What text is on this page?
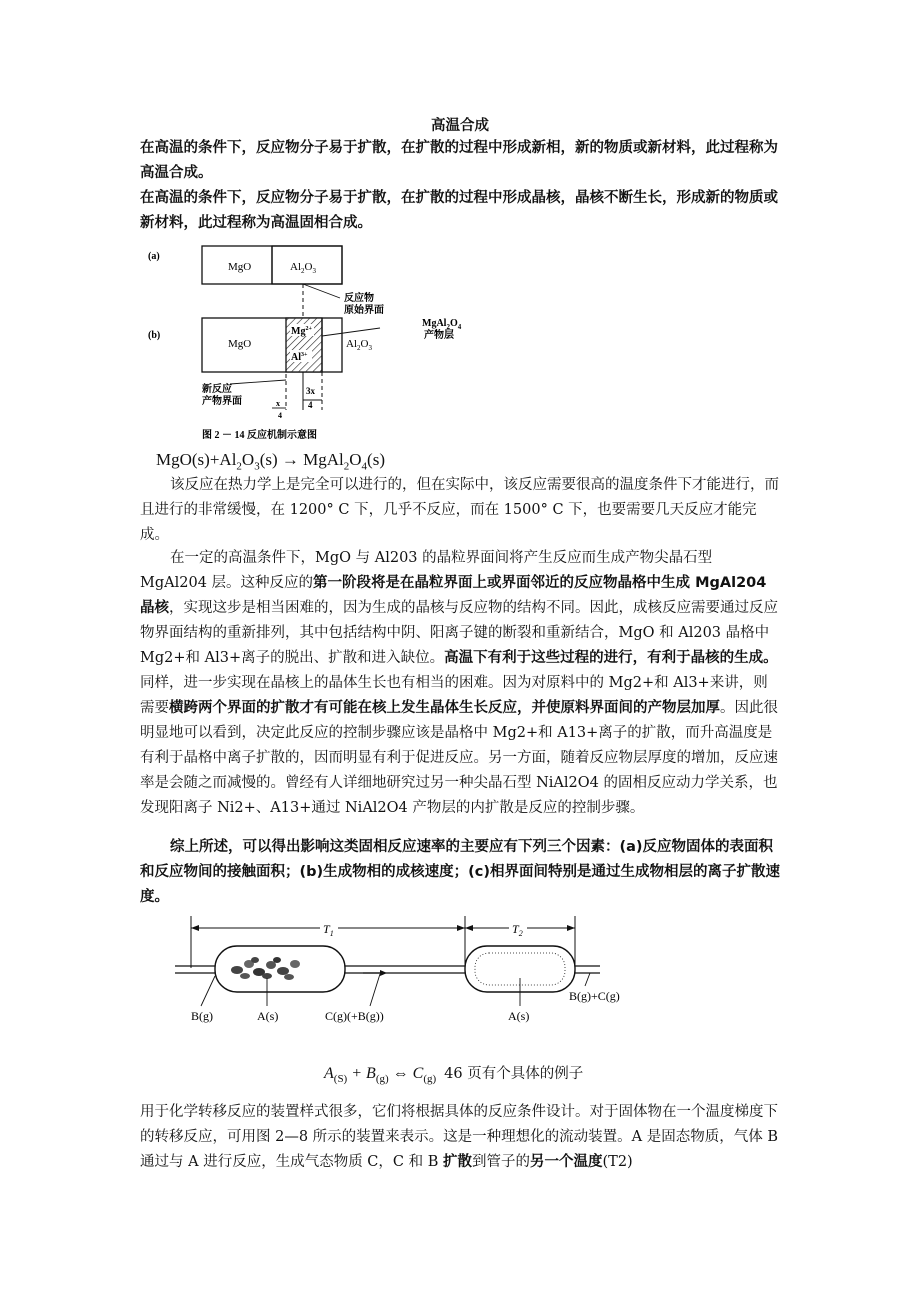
高温合成
在高温的条件下，反应物分子易于扩散，在扩散的过程中形成新相，新的物质或新材料，此过程称为高温合成。
在高温的条件下，反应物分子易于扩散，在扩散的过程中形成晶核，晶核不断生长，形成新的物质或新材料，此过程称为高温固相合成。
(a)
MgO	$Al_2O_3$
反应物
原始界面
(b)
MgO	$Al_2O_3$
$Mg^{2+}$
$Al^{3+}$
$MgAl_2O_4$
产物层
新反应
产物界面
3x
4
x
4
图 2 － 14 反应机制示意图
$MgO(s)+Al_2O_3(s)$ → $MgAl_2O_4(s)$
该反应在热力学上是完全可以进行的，但在实际中，该反应需要很高的温度条件下才能进行，而且进行的非常缓慢，在 1200° C 下，几乎不反应，而在 1500° C 下，也要需要几天反应才能完成。
在一定的高温条件下，MgO 与 Al203 的晶粒界面间将产生反应而生成产物尖晶石型 MgAl204 层。这种反应的第一阶段将是在晶粒界面上或界面邻近的反应物晶格中生成 MgAl204 晶核，实现这步是相当困难的，因为生成的晶核与反应物的结构不同。因此，成核反应需要通过反应物界面结构的重新排列，其中包括结构中阴、阳离子键的断裂和重新结合，MgO 和 Al203 晶格中 Mg2+和 Al3+离子的脱出、扩散和进入缺位。高温下有利于这些过程的进行，有利于晶核的生成。同样，进一步实现在晶核上的晶体生长也有相当的困难。因为对原料中的 Mg2+和 Al3+来讲，则需要横跨两个界面的扩散才有可能在核上发生晶体生长反应，并使原料界面间的产物层加厚。因此很明显地可以看到，决定此反应的控制步骤应该是晶格中 Mg2+和 A13+离子的扩散，而升高温度是有利于晶格中离子扩散的，因而明显有利于促进反应。另一方面，随着反应物层厚度的增加，反应速率是会随之而减慢的。曾经有人详细地研究过另一种尖晶石型 NiAl2O4 的固相反应动力学关系，也发现阳离子 Ni2+、A13+通过 NiAl2O4 产物层的内扩散是反应的控制步骤。
综上所述，可以得出影响这类固相反应速率的主要应有下列三个因素：(a)反应物固体的表面积和反应物间的接触面积；(b)生成物相的成核速度；(c)相界面间特别是通过生成物相层的离子扩散速度。
$T_1$	$T_2$
B(g)	A(s)	C(g)(+B(g))	A(s)
B(g)+C(g)
$A_{(S)} + B_{(g)}$ ⇔ $C_{(g)}$ 46 页有个具体的例子
用于化学转移反应的装置样式很多，它们将根据具体的反应条件设计。对于固体物在一个温度梯度下的转移反应，可用图 2—8 所示的装置来表示。这是一种理想化的流动装置。A 是固态物质，气体 B 通过与 A 进行反应，生成气态物质 C，C 和 B 扩散到管子的另一个温度(T2)
